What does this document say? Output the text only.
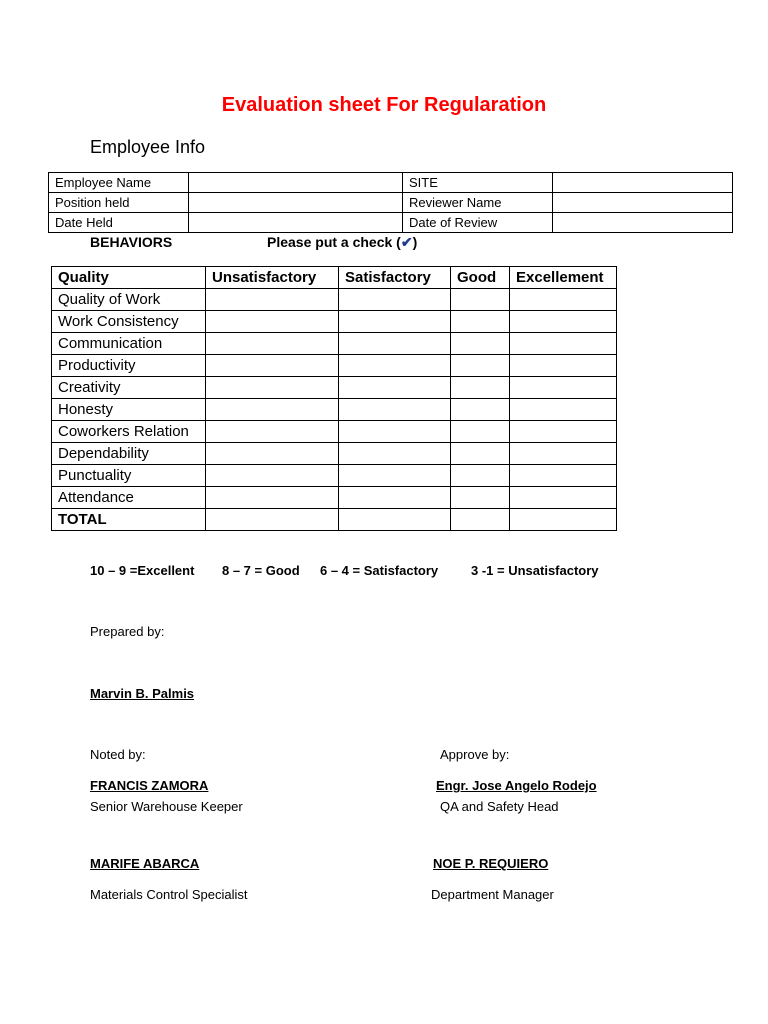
Evaluation sheet For Regularation
Employee Info
Employee Name		SITE	
Position held		Reviewer Name	
Date Held		Date of Review	
BEHAVIORS	Please put a check (✔)
Quality	Unsatisfactory	Satisfactory	Good	Excellement
Quality of Work				
Work Consistency				
Communication				
Productivity				
Creativity				
Honesty				
Coworkers Relation				
Dependability				
Punctuality				
Attendance				
TOTAL				
10 – 9 =Excellent 8 – 7 = Good 6 – 4 = Satisfactory	3 -1 = Unsatisfactory
Prepared by:
Marvin B. Palmis
Noted by:	Approve by:
FRANCIS ZAMORA
Senior Warehouse Keeper
Engr. Jose Angelo Rodejo
QA and Safety Head
MARIFE ABARCA
Materials Control Specialist
NOE P. REQUIERO
Department Manager
